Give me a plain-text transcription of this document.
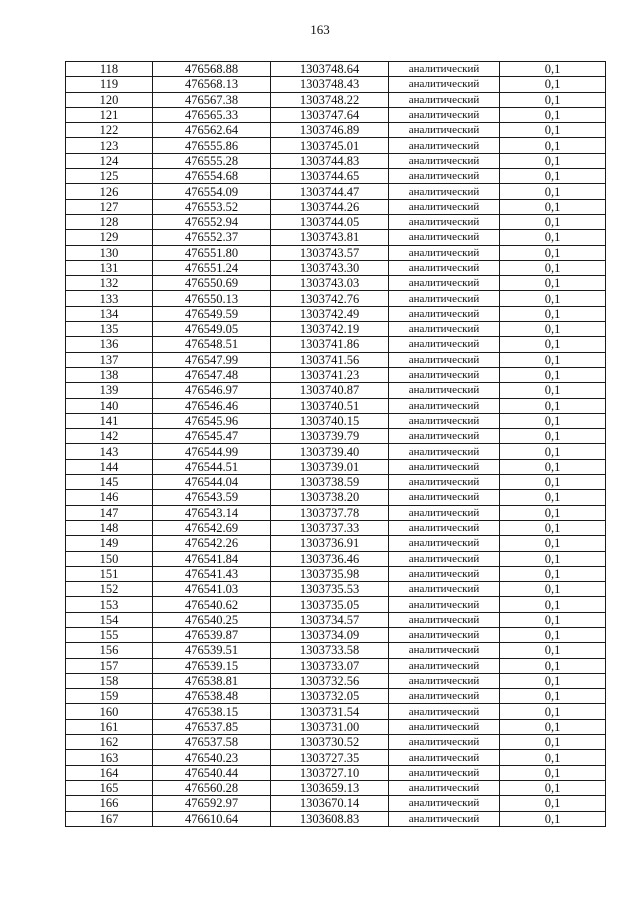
163
118	476568.88	1303748.64	аналитический	0,1
119	476568.13	1303748.43	аналитический	0,1
120	476567.38	1303748.22	аналитический	0,1
121	476565.33	1303747.64	аналитический	0,1
122	476562.64	1303746.89	аналитический	0,1
123	476555.86	1303745.01	аналитический	0,1
124	476555.28	1303744.83	аналитический	0,1
125	476554.68	1303744.65	аналитический	0,1
126	476554.09	1303744.47	аналитический	0,1
127	476553.52	1303744.26	аналитический	0,1
128	476552.94	1303744.05	аналитический	0,1
129	476552.37	1303743.81	аналитический	0,1
130	476551.80	1303743.57	аналитический	0,1
131	476551.24	1303743.30	аналитический	0,1
132	476550.69	1303743.03	аналитический	0,1
133	476550.13	1303742.76	аналитический	0,1
134	476549.59	1303742.49	аналитический	0,1
135	476549.05	1303742.19	аналитический	0,1
136	476548.51	1303741.86	аналитический	0,1
137	476547.99	1303741.56	аналитический	0,1
138	476547.48	1303741.23	аналитический	0,1
139	476546.97	1303740.87	аналитический	0,1
140	476546.46	1303740.51	аналитический	0,1
141	476545.96	1303740.15	аналитический	0,1
142	476545.47	1303739.79	аналитический	0,1
143	476544.99	1303739.40	аналитический	0,1
144	476544.51	1303739.01	аналитический	0,1
145	476544.04	1303738.59	аналитический	0,1
146	476543.59	1303738.20	аналитический	0,1
147	476543.14	1303737.78	аналитический	0,1
148	476542.69	1303737.33	аналитический	0,1
149	476542.26	1303736.91	аналитический	0,1
150	476541.84	1303736.46	аналитический	0,1
151	476541.43	1303735.98	аналитический	0,1
152	476541.03	1303735.53	аналитический	0,1
153	476540.62	1303735.05	аналитический	0,1
154	476540.25	1303734.57	аналитический	0,1
155	476539.87	1303734.09	аналитический	0,1
156	476539.51	1303733.58	аналитический	0,1
157	476539.15	1303733.07	аналитический	0,1
158	476538.81	1303732.56	аналитический	0,1
159	476538.48	1303732.05	аналитический	0,1
160	476538.15	1303731.54	аналитический	0,1
161	476537.85	1303731.00	аналитический	0,1
162	476537.58	1303730.52	аналитический	0,1
163	476540.23	1303727.35	аналитический	0,1
164	476540.44	1303727.10	аналитический	0,1
165	476560.28	1303659.13	аналитический	0,1
166	476592.97	1303670.14	аналитический	0,1
167	476610.64	1303608.83	аналитический	0,1
